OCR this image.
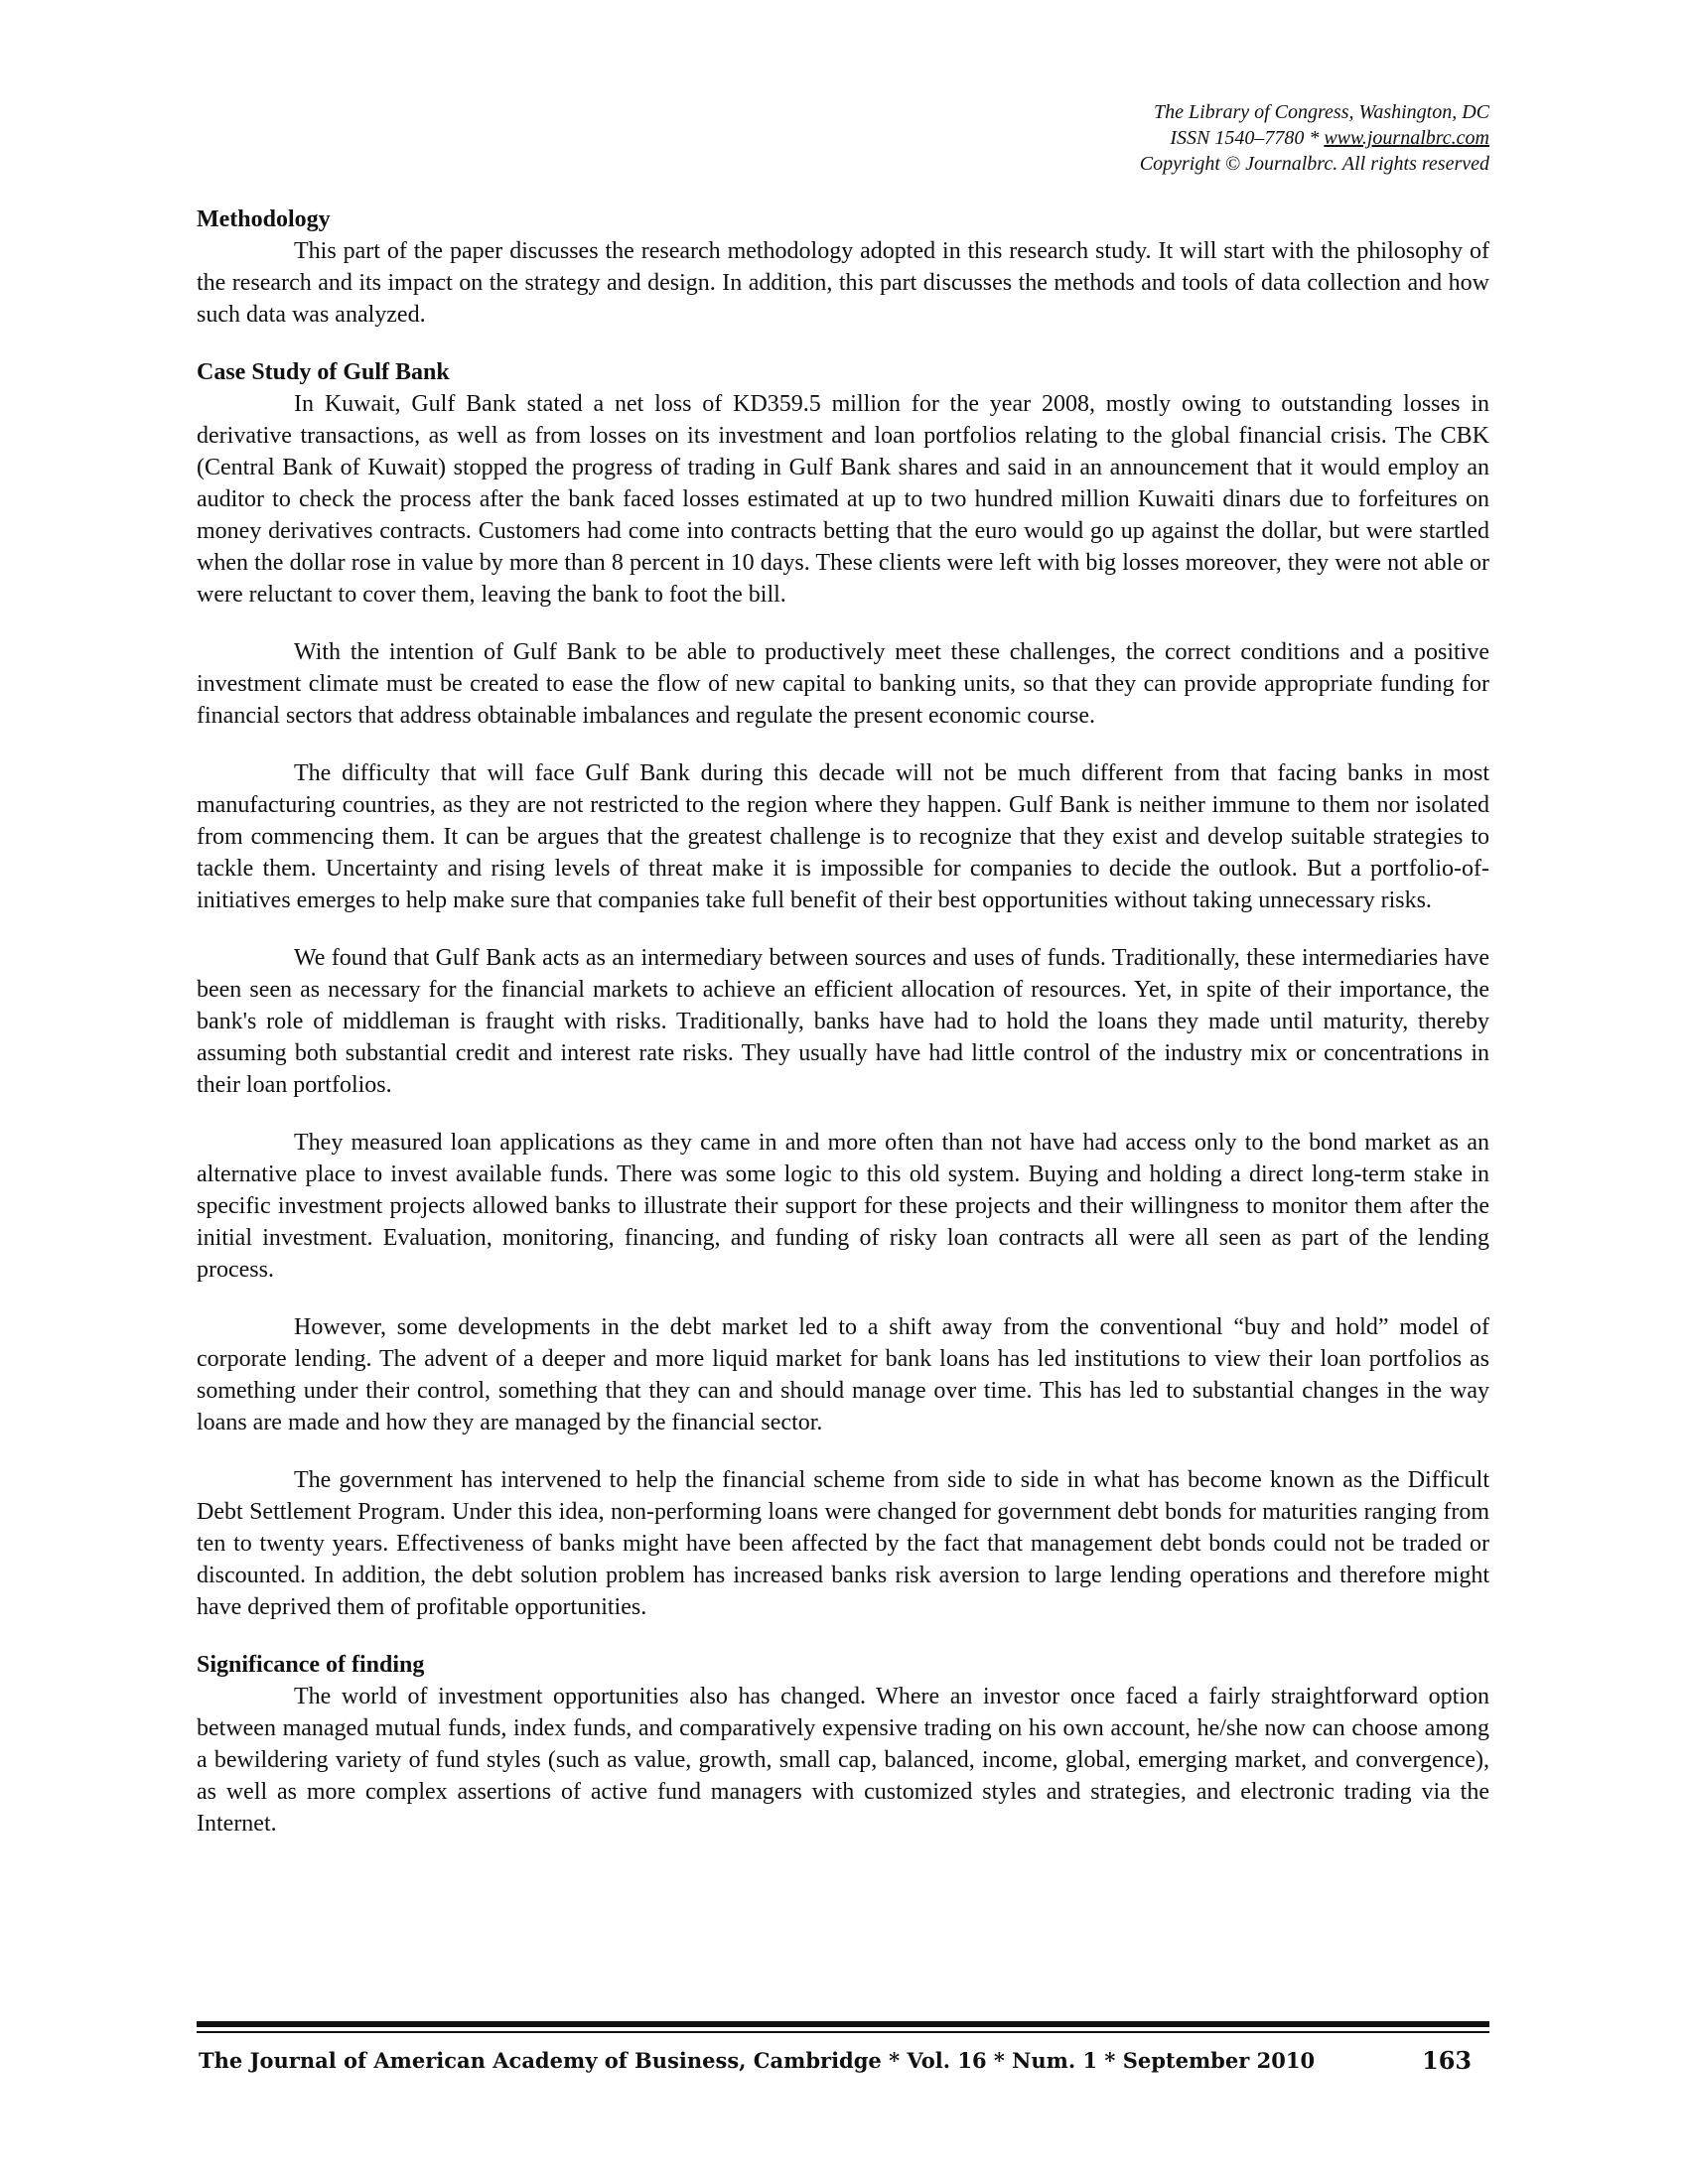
The Library of Congress, Washington, DC
ISSN 1540–7780 * www.journalbrc.com
Copyright © Journalbrc. All rights reserved
Methodology

This part of the paper discusses the research methodology adopted in this research study. It will start with the philosophy of the research and its impact on the strategy and design. In addition, this part discusses the methods and tools of data collection and how such data was analyzed.

Case Study of Gulf Bank

In Kuwait, Gulf Bank stated a net loss of KD359.5 million for the year 2008, mostly owing to outstanding losses in derivative transactions, as well as from losses on its investment and loan portfolios relating to the global financial crisis. The CBK (Central Bank of Kuwait) stopped the progress of trading in Gulf Bank shares and said in an announcement that it would employ an auditor to check the process after the bank faced losses estimated at up to two hundred million Kuwaiti dinars due to forfeitures on money derivatives contracts. Customers had come into contracts betting that the euro would go up against the dollar, but were startled when the dollar rose in value by more than 8 percent in 10 days. These clients were left with big losses moreover, they were not able or were reluctant to cover them, leaving the bank to foot the bill.

With the intention of Gulf Bank to be able to productively meet these challenges, the correct conditions and a positive investment climate must be created to ease the flow of new capital to banking units, so that they can provide appropriate funding for financial sectors that address obtainable imbalances and regulate the present economic course.

The difficulty that will face Gulf Bank during this decade will not be much different from that facing banks in most manufacturing countries, as they are not restricted to the region where they happen. Gulf Bank is neither immune to them nor isolated from commencing them. It can be argues that the greatest challenge is to recognize that they exist and develop suitable strategies to tackle them. Uncertainty and rising levels of threat make it is impossible for companies to decide the outlook. But a portfolio-of-initiatives emerges to help make sure that companies take full benefit of their best opportunities without taking unnecessary risks.

We found that Gulf Bank acts as an intermediary between sources and uses of funds. Traditionally, these intermediaries have been seen as necessary for the financial markets to achieve an efficient allocation of resources. Yet, in spite of their importance, the bank's role of middleman is fraught with risks. Traditionally, banks have had to hold the loans they made until maturity, thereby assuming both substantial credit and interest rate risks. They usually have had little control of the industry mix or concentrations in their loan portfolios.

They measured loan applications as they came in and more often than not have had access only to the bond market as an alternative place to invest available funds. There was some logic to this old system. Buying and holding a direct long-term stake in specific investment projects allowed banks to illustrate their support for these projects and their willingness to monitor them after the initial investment. Evaluation, monitoring, financing, and funding of risky loan contracts all were all seen as part of the lending process.

However, some developments in the debt market led to a shift away from the conventional “buy and hold” model of corporate lending. The advent of a deeper and more liquid market for bank loans has led institutions to view their loan portfolios as something under their control, something that they can and should manage over time. This has led to substantial changes in the way loans are made and how they are managed by the financial sector.

The government has intervened to help the financial scheme from side to side in what has become known as the Difficult Debt Settlement Program. Under this idea, non-performing loans were changed for government debt bonds for maturities ranging from ten to twenty years. Effectiveness of banks might have been affected by the fact that management debt bonds could not be traded or discounted. In addition, the debt solution problem has increased banks risk aversion to large lending operations and therefore might have deprived them of profitable opportunities.

Significance of finding

The world of investment opportunities also has changed. Where an investor once faced a fairly straightforward option between managed mutual funds, index funds, and comparatively expensive trading on his own account, he/she now can choose among a bewildering variety of fund styles (such as value, growth, small cap, balanced, income, global, emerging market, and convergence), as well as more complex assertions of active fund managers with customized styles and strategies, and electronic trading via the Internet.

The Journal of American Academy of Business, Cambridge * Vol. 16 * Num. 1 * September 2010	163
